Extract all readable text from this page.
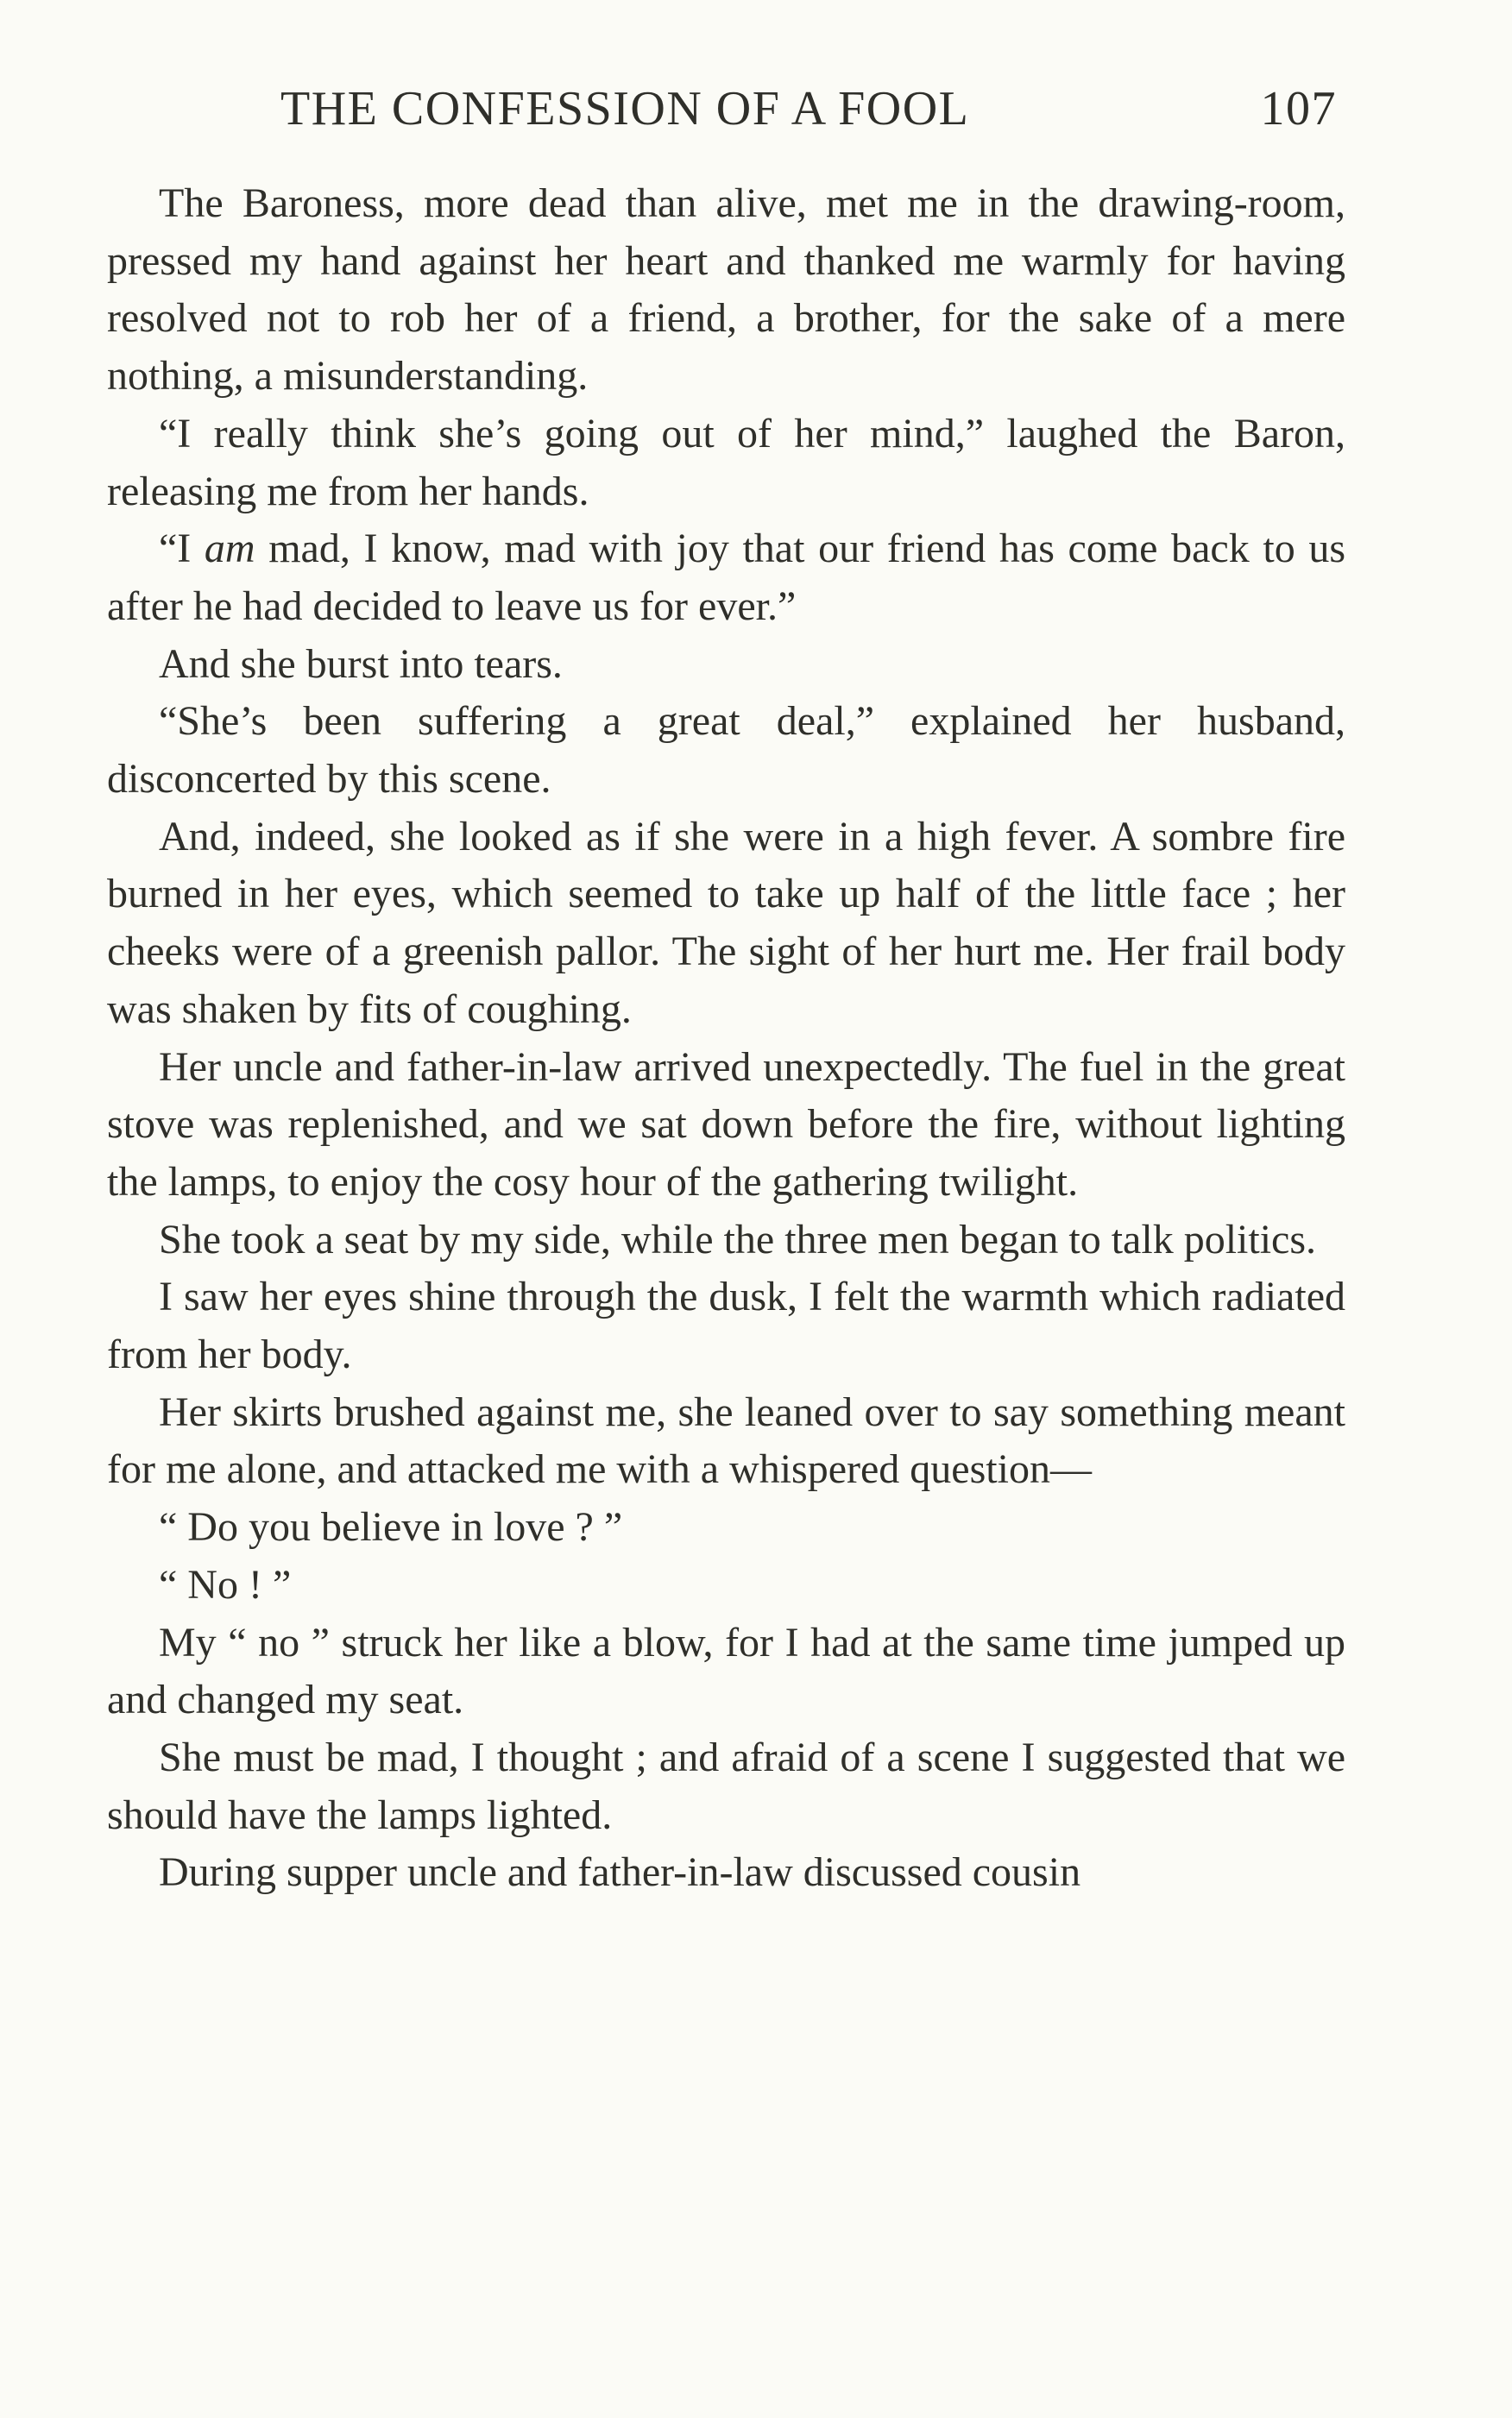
THE CONFESSION OF A FOOL	107

The Baroness, more dead than alive, met me in the drawing-room, pressed my hand against her heart and thanked me warmly for having resolved not to rob her of a friend, a brother, for the sake of a mere nothing, a misunderstanding.

“I really think she’s going out of her mind,” laughed the Baron, releasing me from her hands.

“I am mad, I know, mad with joy that our friend has come back to us after he had decided to leave us for ever.”

And she burst into tears.

“She’s been suffering a great deal,” explained her husband, disconcerted by this scene.

And, indeed, she looked as if she were in a high fever. A sombre fire burned in her eyes, which seemed to take up half of the little face ; her cheeks were of a greenish pallor. The sight of her hurt me. Her frail body was shaken by fits of coughing.

Her uncle and father-in-law arrived unexpectedly. The fuel in the great stove was replenished, and we sat down before the fire, without lighting the lamps, to enjoy the cosy hour of the gathering twilight.

She took a seat by my side, while the three men began to talk politics.

I saw her eyes shine through the dusk, I felt the warmth which radiated from her body.

Her skirts brushed against me, she leaned over to say something meant for me alone, and attacked me with a whispered question—

“ Do you believe in love ? ”

“ No ! ”

My “ no ” struck her like a blow, for I had at the same time jumped up and changed my seat.

She must be mad, I thought ; and afraid of a scene I suggested that we should have the lamps lighted.

During supper uncle and father-in-law discussed cousin
